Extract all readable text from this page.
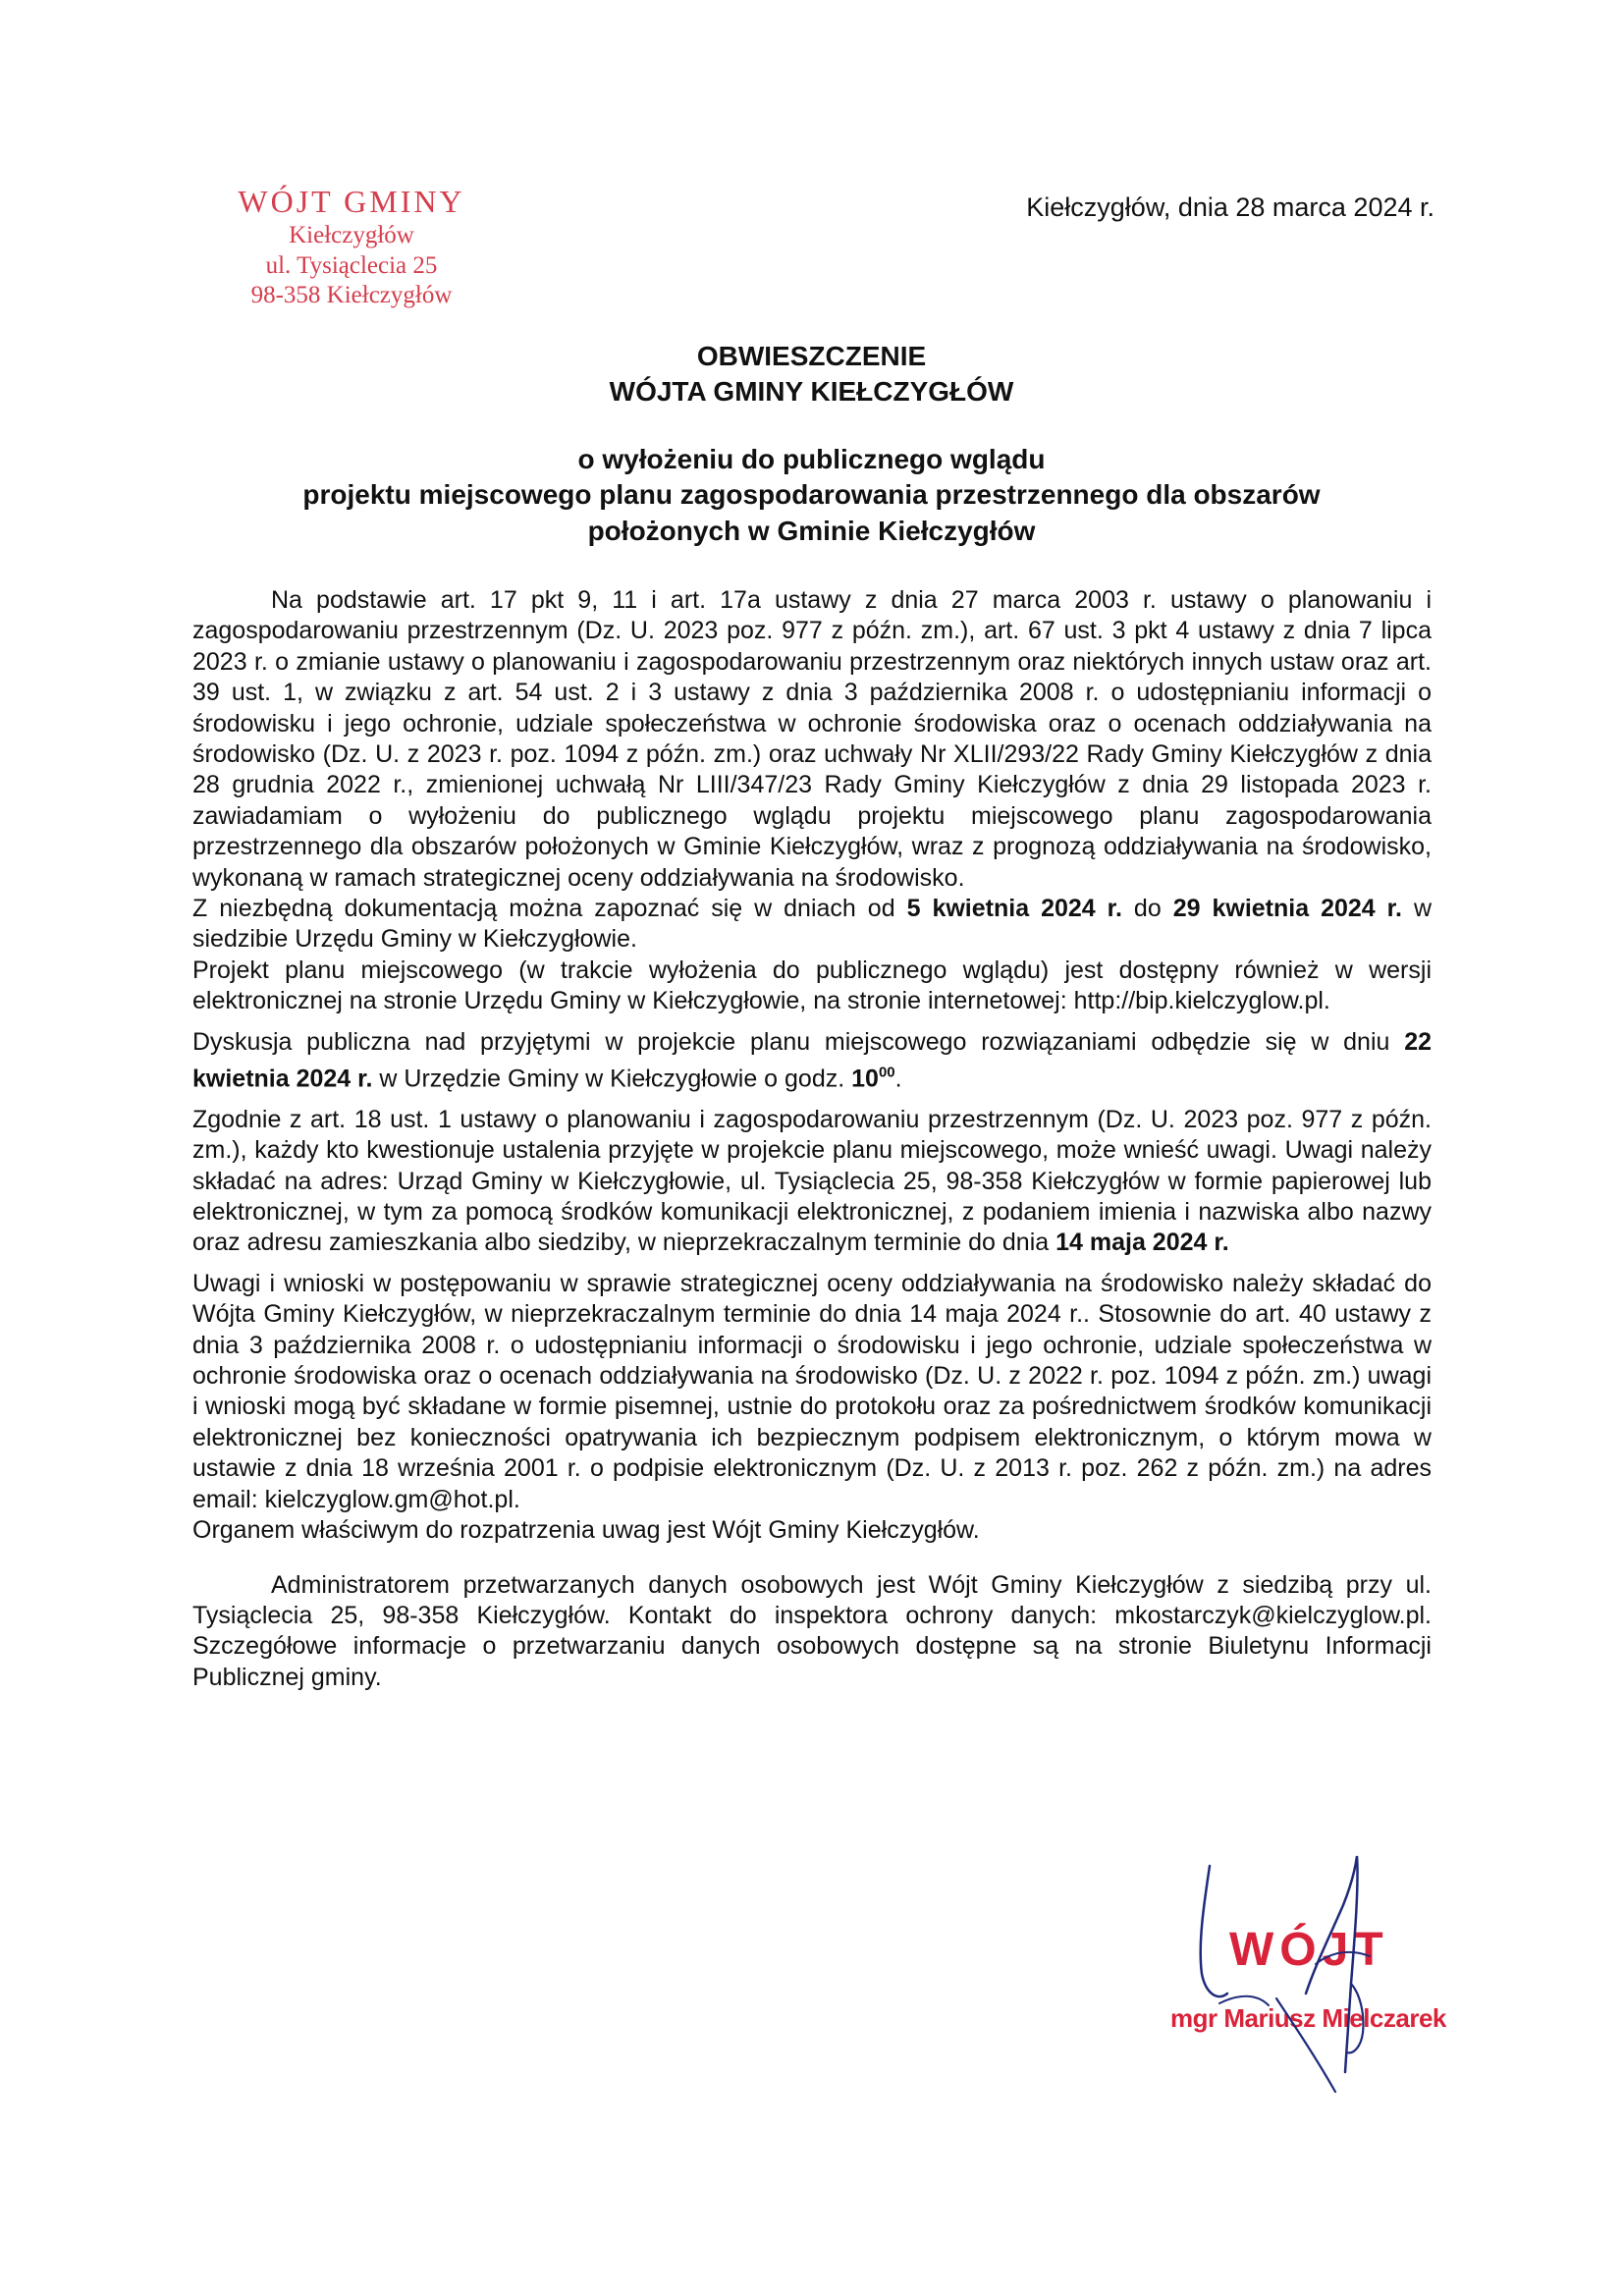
WÓJT GMINY
Kiełczygłów
ul. Tysiąclecia 25
98-358 Kiełczygłów
Kiełczygłów, dnia 28 marca 2024 r.
OBWIESZCZENIE
WÓJTA GMINY KIEŁCZYGŁÓW
o wyłożeniu do publicznego wglądu
projektu miejscowego planu zagospodarowania przestrzennego dla obszarów
położonych w Gminie Kiełczygłów

Na podstawie art. 17 pkt 9, 11 i art. 17a ustawy z dnia 27 marca 2003 r. ustawy o planowaniu i zagospodarowaniu przestrzennym (Dz. U. 2023 poz. 977 z późn. zm.), art. 67 ust. 3 pkt 4 ustawy z dnia 7 lipca 2023 r. o zmianie ustawy o planowaniu i zagospodarowaniu przestrzennym oraz niektórych innych ustaw oraz art. 39 ust. 1, w związku z art. 54 ust. 2 i 3 ustawy z dnia 3 października 2008 r. o udostępnianiu informacji o środowisku i jego ochronie, udziale społeczeństwa w ochronie środowiska oraz o ocenach oddziaływania na środowisko (Dz. U. z 2023 r. poz. 1094 z późn. zm.) oraz uchwały Nr XLII/293/22 Rady Gminy Kiełczygłów z dnia 28 grudnia 2022 r., zmienionej uchwałą Nr LIII/347/23 Rady Gminy Kiełczygłów z dnia 29 listopada 2023 r. zawiadamiam o wyłożeniu do publicznego wglądu projektu miejscowego planu zagospodarowania przestrzennego dla obszarów położonych w Gminie Kiełczygłów, wraz z prognozą oddziaływania na środowisko, wykonaną w ramach strategicznej oceny oddziaływania na środowisko.

Z niezbędną dokumentacją można zapoznać się w dniach od 5 kwietnia 2024 r. do 29 kwietnia 2024 r. w siedzibie Urzędu Gminy w Kiełczygłowie.

Projekt planu miejscowego (w trakcie wyłożenia do publicznego wglądu) jest dostępny również w wersji elektronicznej na stronie Urzędu Gminy w Kiełczygłowie, na stronie internetowej: http://bip.kielczyglow.pl.

Dyskusja publiczna nad przyjętymi w projekcie planu miejscowego rozwiązaniami odbędzie się w dniu 22 kwietnia 2024 r. w Urzędzie Gminy w Kiełczygłowie o godz. $10^{00}$.

Zgodnie z art. 18 ust. 1 ustawy o planowaniu i zagospodarowaniu przestrzennym (Dz. U. 2023 poz. 977 z późn. zm.), każdy kto kwestionuje ustalenia przyjęte w projekcie planu miejscowego, może wnieść uwagi. Uwagi należy składać na adres: Urząd Gminy w Kiełczygłowie, ul. Tysiąclecia 25, 98-358 Kiełczygłów w formie papierowej lub elektronicznej, w tym za pomocą środków komunikacji elektronicznej, z podaniem imienia i nazwiska albo nazwy oraz adresu zamieszkania albo siedziby, w nieprzekraczalnym terminie do dnia 14 maja 2024 r.

Uwagi i wnioski w postępowaniu w sprawie strategicznej oceny oddziaływania na środowisko należy składać do Wójta Gminy Kiełczygłów, w nieprzekraczalnym terminie do dnia 14 maja 2024 r.. Stosownie do art. 40 ustawy z dnia 3 października 2008 r. o udostępnianiu informacji o środowisku i jego ochronie, udziale społeczeństwa w ochronie środowiska oraz o ocenach oddziaływania na środowisko (Dz. U. z 2022 r. poz. 1094 z późn. zm.) uwagi i wnioski mogą być składane w formie pisemnej, ustnie do protokołu oraz za pośrednictwem środków komunikacji elektronicznej bez konieczności opatrywania ich bezpiecznym podpisem elektronicznym, o którym mowa w ustawie z dnia 18 września 2001 r. o podpisie elektronicznym (Dz. U. z 2013 r. poz. 262 z późn. zm.) na adres email: kielczyglow.gm@hot.pl.

Organem właściwym do rozpatrzenia uwag jest Wójt Gminy Kiełczygłów.

Administratorem przetwarzanych danych osobowych jest Wójt Gminy Kiełczygłów z siedzibą przy ul. Tysiąclecia 25, 98-358 Kiełczygłów. Kontakt do inspektora ochrony danych: mkostarczyk@kielczyglow.pl. Szczegółowe informacje o przetwarzaniu danych osobowych dostępne są na stronie Biuletynu Informacji Publicznej gminy.

WÓJT
mgr Mariusz Mielczarek
